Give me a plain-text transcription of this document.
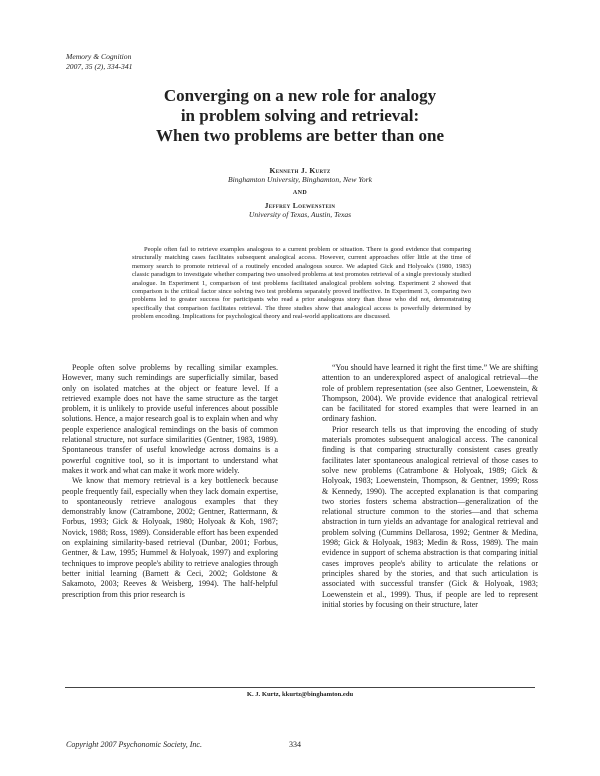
Memory & Cognition
2007, 35 (2), 334-341
Converging on a new role for analogy
in problem solving and retrieval:
When two problems are better than one
Kenneth J. Kurtz
Binghamton University, Binghamton, New York
AND
Jeffrey Loewenstein
University of Texas, Austin, Texas

People often fail to retrieve examples analogous to a current problem or situation. There is good evidence that comparing structurally matching cases facilitates subsequent analogical access. However, current approaches offer little at the time of memory search to promote retrieval of a routinely encoded analogous source. We adapted Gick and Holyoak's (1980, 1983) classic paradigm to investigate whether comparing two unsolved problems at test promotes retrieval of a single previously studied analogue. In Experiment 1, comparison of test problems facilitated analogical problem solving. Experiment 2 showed that comparison is the critical factor since solving two test problems separately proved ineffective. In Experiment 3, comparing two problems led to greater success for participants who read a prior analogous story than those who did not, demonstrating specifically that comparison facilitates retrieval. The three studies show that analogical access is powerfully determined by problem encoding. Implications for psychological theory and real-world applications are discussed.

People often solve problems by recalling similar examples. However, many such remindings are superficially similar, based only on isolated matches at the object or feature level. If a retrieved example does not have the same structure as the target problem, it is unlikely to provide useful inferences about possible solutions. Hence, a major research goal is to explain when and why people experience analogical remindings on the basis of common relational structure, not surface similarities (Gentner, 1983, 1989). Spontaneous transfer of useful knowledge across domains is a powerful cognitive tool, so it is important to understand what makes it work and what can make it work more widely.

We know that memory retrieval is a key bottleneck because people frequently fail, especially when they lack domain expertise, to spontaneously retrieve analogous examples that they demonstrably know (Catrambone, 2002; Gentner, Rattermann, & Forbus, 1993; Gick & Holyoak, 1980; Holyoak & Koh, 1987; Novick, 1988; Ross, 1989). Considerable effort has been expended on explaining similarity-based retrieval (Dunbar, 2001; Forbus, Gentner, & Law, 1995; Hummel & Holyoak, 1997) and exploring techniques to improve people's ability to retrieve analogies through better initial learning (Barnett & Ceci, 2002; Goldstone & Sakamoto, 2003; Reeves & Weisberg, 1994). The half-helpful prescription from this prior research is

“You should have learned it right the first time.” We are shifting attention to an underexplored aspect of analogical retrieval—the role of problem representation (see also Gentner, Loewenstein, & Thompson, 2004). We provide evidence that analogical retrieval can be facilitated for stored examples that were learned in an ordinary fashion.

Prior research tells us that improving the encoding of study materials promotes subsequent analogical access. The canonical finding is that comparing structurally consistent cases greatly facilitates later spontaneous analogical retrieval of those cases to solve new problems (Catrambone & Holyoak, 1989; Gick & Holyoak, 1983; Loewenstein, Thompson, & Gentner, 1999; Ross & Kennedy, 1990). The accepted explanation is that comparing two stories fosters schema abstraction—generalization of the relational structure common to the stories—and that schema abstraction in turn yields an advantage for analogical retrieval and problem solving (Cummins Dellarosa, 1992; Gentner & Medina, 1998; Gick & Holyoak, 1983; Medin & Ross, 1989). The main evidence in support of schema abstraction is that comparing initial cases improves people's ability to articulate the relations or principles shared by the stories, and that such articulation is associated with successful transfer (Gick & Holyoak, 1983; Loewenstein et al., 1999). Thus, if people are led to represent initial stories by focusing on their structure, later

K. J. Kurtz, kkurtz@binghamton.edu
Copyright 2007 Psychonomic Society, Inc.	334
